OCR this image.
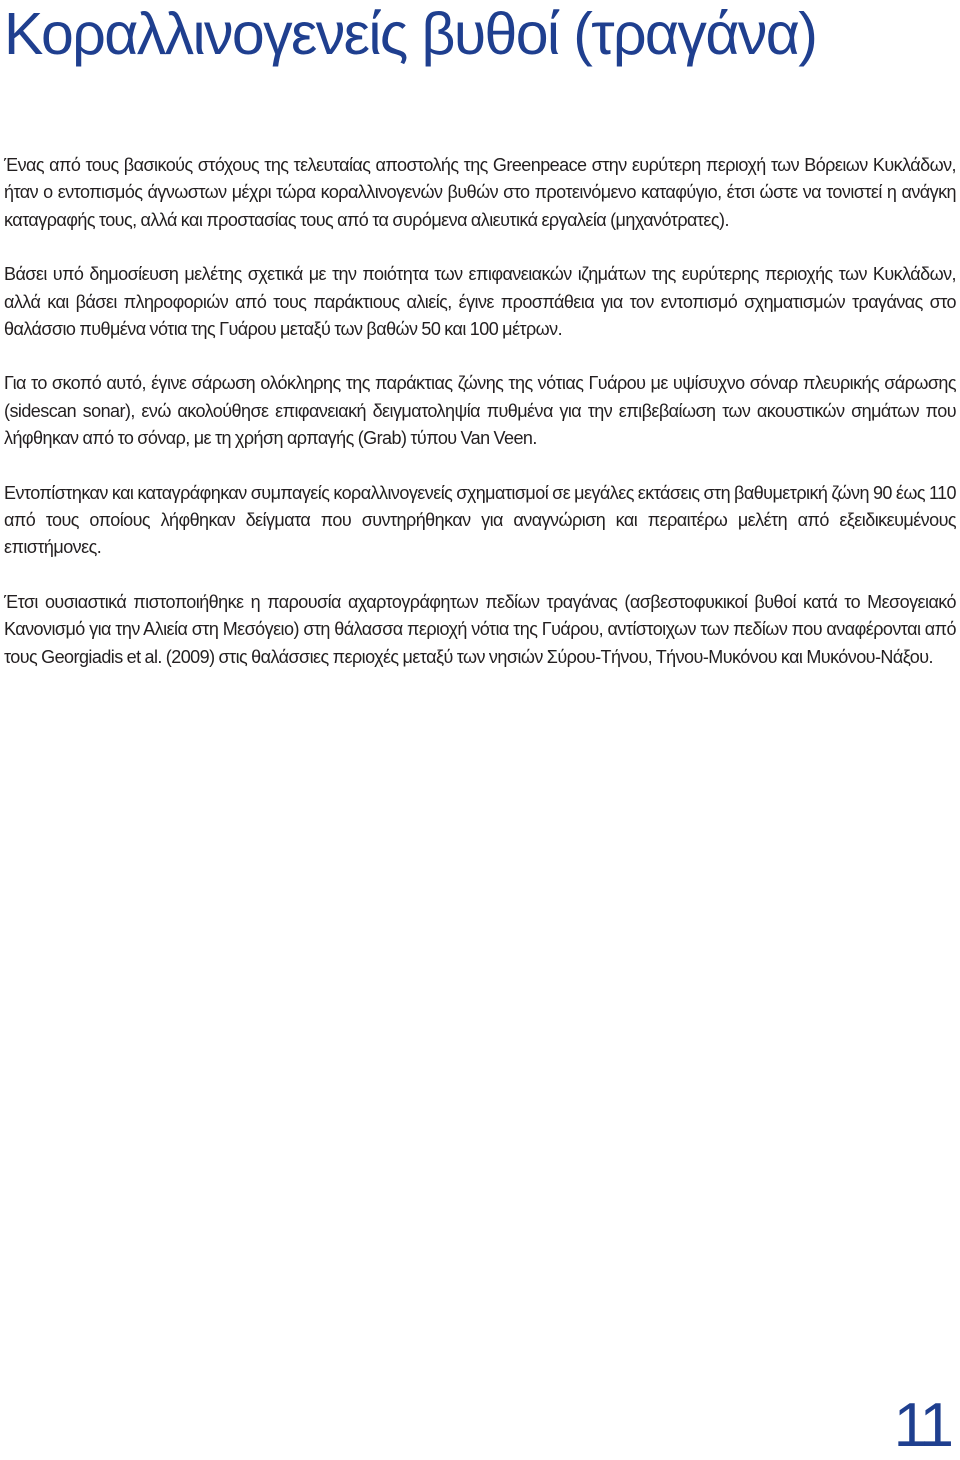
Κοραλλινογενείς βυθοί (τραγάνα)

Ένας από τους βασικούς στόχους της τελευταίας αποστολής της Greenpeace στην ευρύτερη περιοχή των Βόρειων Κυκλάδων, ήταν ο εντοπισμός άγνωστων μέχρι τώρα κοραλλινογενών βυθών στο προτεινόμενο καταφύγιο, έτσι ώστε να τονιστεί η ανάγκη καταγραφής τους, αλλά και προστασίας τους από τα συρόμενα αλιευτικά εργαλεία (μηχανότρατες).

Βάσει υπό δημοσίευση μελέτης σχετικά με την ποιότητα των επιφανειακών ιζημάτων της ευρύτερης περιοχής των Κυκλάδων, αλλά και βάσει πληροφοριών από τους παράκτιους αλιείς, έγινε προσπάθεια για τον εντοπισμό σχηματισμών τραγάνας στο θαλάσσιο πυθμένα νότια της Γυάρου μεταξύ των βαθών 50 και 100 μέτρων.

Για το σκοπό αυτό, έγινε σάρωση ολόκληρης της παράκτιας ζώνης της νότιας Γυάρου με υψίσυχνο σόναρ πλευρικής σάρωσης (sidescan sonar), ενώ ακολούθησε επιφανειακή δειγματοληψία πυθμένα για την επιβεβαίωση των ακουστικών σημάτων που λήφθηκαν από το σόναρ, με τη χρήση αρπαγής (Grab) τύπου Van Veen.

Εντοπίστηκαν και καταγράφηκαν συμπαγείς κοραλλινογενείς σχηματισμοί σε μεγάλες εκτάσεις στη βαθυμετρική ζώνη 90 έως 110 από τους οποίους λήφθηκαν δείγματα που συντηρήθηκαν για αναγνώριση και περαιτέρω μελέτη από εξειδικευμένους επιστήμονες.

Έτσι ουσιαστικά πιστοποιήθηκε η παρουσία αχαρτογράφητων πεδίων τραγάνας (ασβεστοφυκικοί βυθοί κατά το Μεσογειακό Κανονισμό για την Αλιεία στη Μεσόγειο) στη θάλασσα περιοχή νότια της Γυάρου, αντίστοιχων των πεδίων που αναφέρονται από τους Georgiadis et al. (2009) στις θαλάσσιες περιοχές μεταξύ των νησιών Σύρου-Τήνου, Τήνου-Μυκόνου και Μυκόνου-Νάξου.

11
